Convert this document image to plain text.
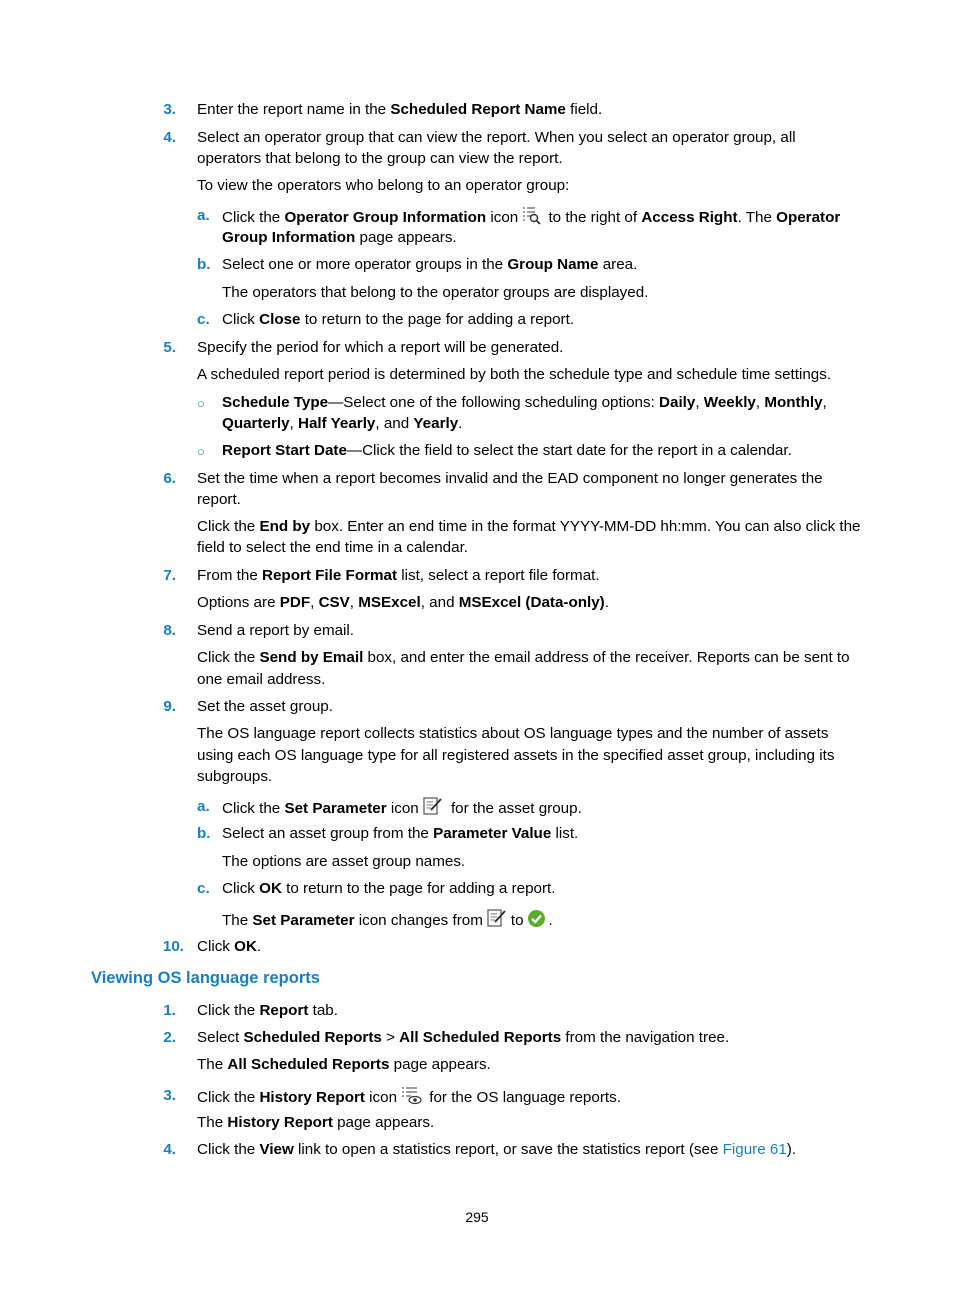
3. Enter the report name in the Scheduled Report Name field.
4. Select an operator group that can view the report. When you select an operator group, all
operators that belong to the group can view the report.
To view the operators who belong to an operator group:
a. Click the Operator Group Information icon to the right of Access Right. The Operator
Group Information page appears.
b. Select one or more operator groups in the Group Name area.
The operators that belong to the operator groups are displayed.
c. Click Close to return to the page for adding a report.
5. Specify the period for which a report will be generated.
A scheduled report period is determined by both the schedule type and schedule time settings.
○ Schedule Type—Select one of the following scheduling options: Daily, Weekly, Monthly,
Quarterly, Half Yearly, and Yearly.
○ Report Start Date—Click the field to select the start date for the report in a calendar.
6. Set the time when a report becomes invalid and the EAD component no longer generates the
report.
Click the End by box. Enter an end time in the format YYYY-MM-DD hh:mm. You can also click the
field to select the end time in a calendar.
7. From the Report File Format list, select a report file format.
Options are PDF, CSV, MSExcel, and MSExcel (Data-only).
8. Send a report by email.
Click the Send by Email box, and enter the email address of the receiver. Reports can be sent to
one email address.
9. Set the asset group.
The OS language report collects statistics about OS language types and the number of assets
using each OS language type for all registered assets in the specified asset group, including its
subgroups.
a. Click the Set Parameter icon for the asset group.
b. Select an asset group from the Parameter Value list.
The options are asset group names.
c. Click OK to return to the page for adding a report.
The Set Parameter icon changes from to .
10. Click OK.
Viewing OS language reports
1. Click the Report tab.
2. Select Scheduled Reports > All Scheduled Reports from the navigation tree.
The All Scheduled Reports page appears.
3. Click the History Report icon for the OS language reports.
The History Report page appears.
4. Click the View link to open a statistics report, or save the statistics report (see Figure 61).
295
